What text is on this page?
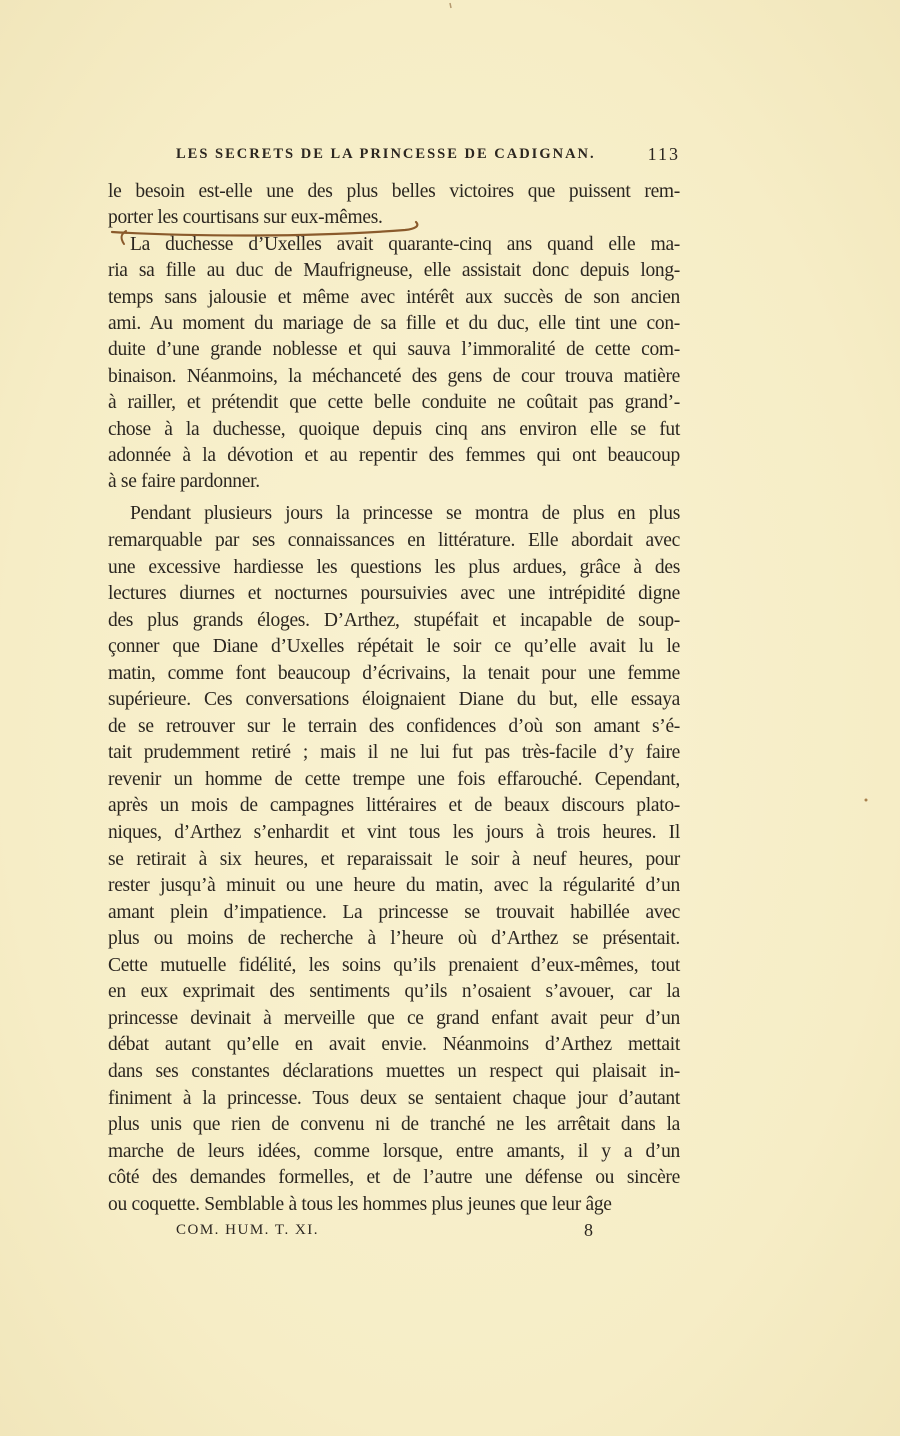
LES SECRETS DE LA PRINCESSE DE CADIGNAN.	113
le besoin est-elle une des plus belles victoires que puissent rem-
porter les courtisans sur eux-mêmes.
La duchesse d’Uxelles avait quarante-cinq ans quand elle ma-
ria sa fille au duc de Maufrigneuse, elle assistait donc depuis long-
temps sans jalousie et même avec intérêt aux succès de son ancien
ami. Au moment du mariage de sa fille et du duc, elle tint une con-
duite d’une grande noblesse et qui sauva l’immoralité de cette com-
binaison. Néanmoins, la méchanceté des gens de cour trouva matière
à railler, et prétendit que cette belle conduite ne coûtait pas grand’-
chose à la duchesse, quoique depuis cinq ans environ elle se fut
adonnée à la dévotion et au repentir des femmes qui ont beaucoup
à se faire pardonner.
Pendant plusieurs jours la princesse se montra de plus en plus
remarquable par ses connaissances en littérature. Elle abordait avec
une excessive hardiesse les questions les plus ardues, grâce à des
lectures diurnes et nocturnes poursuivies avec une intrépidité digne
des plus grands éloges. D’Arthez, stupéfait et incapable de soup-
çonner que Diane d’Uxelles répétait le soir ce qu’elle avait lu le
matin, comme font beaucoup d’écrivains, la tenait pour une femme
supérieure. Ces conversations éloignaient Diane du but, elle essaya
de se retrouver sur le terrain des confidences d’où son amant s’é-
tait prudemment retiré ; mais il ne lui fut pas très-facile d’y faire
revenir un homme de cette trempe une fois effarouché. Cependant,
après un mois de campagnes littéraires et de beaux discours plato-
niques, d’Arthez s’enhardit et vint tous les jours à trois heures. Il
se retirait à six heures, et reparaissait le soir à neuf heures, pour
rester jusqu’à minuit ou une heure du matin, avec la régularité d’un
amant plein d’impatience. La princesse se trouvait habillée avec
plus ou moins de recherche à l’heure où d’Arthez se présentait.
Cette mutuelle fidélité, les soins qu’ils prenaient d’eux-mêmes, tout
en eux exprimait des sentiments qu’ils n’osaient s’avouer, car la
princesse devinait à merveille que ce grand enfant avait peur d’un
débat autant qu’elle en avait envie. Néanmoins d’Arthez mettait
dans ses constantes déclarations muettes un respect qui plaisait in-
finiment à la princesse. Tous deux se sentaient chaque jour d’autant
plus unis que rien de convenu ni de tranché ne les arrêtait dans la
marche de leurs idées, comme lorsque, entre amants, il y a d’un
côté des demandes formelles, et de l’autre une défense ou sincère
ou coquette. Semblable à tous les hommes plus jeunes que leur âge
COM. HUM. T. XI.	8
